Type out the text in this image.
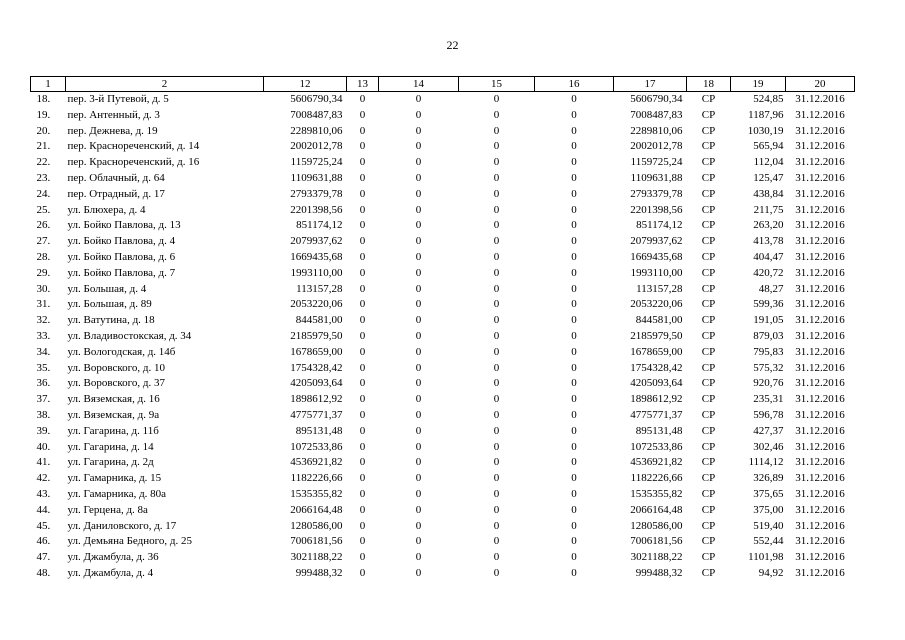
22
1	2	12	13	14	15	16	17	18	19	20
18.	пер. 3-й Путевой, д. 5	5606790,34	0	0	0	0	5606790,34	СР	524,85	31.12.2016
19.	пер. Антенный, д. 3	7008487,83	0	0	0	0	7008487,83	СР	1187,96	31.12.2016
20.	пер. Дежнева, д. 19	2289810,06	0	0	0	0	2289810,06	СР	1030,19	31.12.2016
21.	пер. Краснореченский, д. 14	2002012,78	0	0	0	0	2002012,78	СР	565,94	31.12.2016
22.	пер. Краснореченский, д. 16	1159725,24	0	0	0	0	1159725,24	СР	112,04	31.12.2016
23.	пер. Облачный, д. 64	1109631,88	0	0	0	0	1109631,88	СР	125,47	31.12.2016
24.	пер. Отрадный, д. 17	2793379,78	0	0	0	0	2793379,78	СР	438,84	31.12.2016
25.	ул. Блюхера, д. 4	2201398,56	0	0	0	0	2201398,56	СР	211,75	31.12.2016
26.	ул. Бойко Павлова, д. 13	851174,12	0	0	0	0	851174,12	СР	263,20	31.12.2016
27.	ул. Бойко Павлова, д. 4	2079937,62	0	0	0	0	2079937,62	СР	413,78	31.12.2016
28.	ул. Бойко Павлова, д. 6	1669435,68	0	0	0	0	1669435,68	СР	404,47	31.12.2016
29.	ул. Бойко Павлова, д. 7	1993110,00	0	0	0	0	1993110,00	СР	420,72	31.12.2016
30.	ул. Большая, д. 4	113157,28	0	0	0	0	113157,28	СР	48,27	31.12.2016
31.	ул. Большая, д. 89	2053220,06	0	0	0	0	2053220,06	СР	599,36	31.12.2016
32.	ул. Ватутина, д. 18	844581,00	0	0	0	0	844581,00	СР	191,05	31.12.2016
33.	ул. Владивостокская, д. 34	2185979,50	0	0	0	0	2185979,50	СР	879,03	31.12.2016
34.	ул. Вологодская, д. 14б	1678659,00	0	0	0	0	1678659,00	СР	795,83	31.12.2016
35.	ул. Воровского, д. 10	1754328,42	0	0	0	0	1754328,42	СР	575,32	31.12.2016
36.	ул. Воровского, д. 37	4205093,64	0	0	0	0	4205093,64	СР	920,76	31.12.2016
37.	ул. Вяземская, д. 16	1898612,92	0	0	0	0	1898612,92	СР	235,31	31.12.2016
38.	ул. Вяземская, д. 9а	4775771,37	0	0	0	0	4775771,37	СР	596,78	31.12.2016
39.	ул. Гагарина, д. 11б	895131,48	0	0	0	0	895131,48	СР	427,37	31.12.2016
40.	ул. Гагарина, д. 14	1072533,86	0	0	0	0	1072533,86	СР	302,46	31.12.2016
41.	ул. Гагарина, д. 2д	4536921,82	0	0	0	0	4536921,82	СР	1114,12	31.12.2016
42.	ул. Гамарника, д. 15	1182226,66	0	0	0	0	1182226,66	СР	326,89	31.12.2016
43.	ул. Гамарника, д. 80а	1535355,82	0	0	0	0	1535355,82	СР	375,65	31.12.2016
44.	ул. Герцена, д. 8а	2066164,48	0	0	0	0	2066164,48	СР	375,00	31.12.2016
45.	ул. Даниловского, д. 17	1280586,00	0	0	0	0	1280586,00	СР	519,40	31.12.2016
46.	ул. Демьяна Бедного, д. 25	7006181,56	0	0	0	0	7006181,56	СР	552,44	31.12.2016
47.	ул. Джамбула, д. 36	3021188,22	0	0	0	0	3021188,22	СР	1101,98	31.12.2016
48.	ул. Джамбула, д. 4	999488,32	0	0	0	0	999488,32	СР	94,92	31.12.2016
